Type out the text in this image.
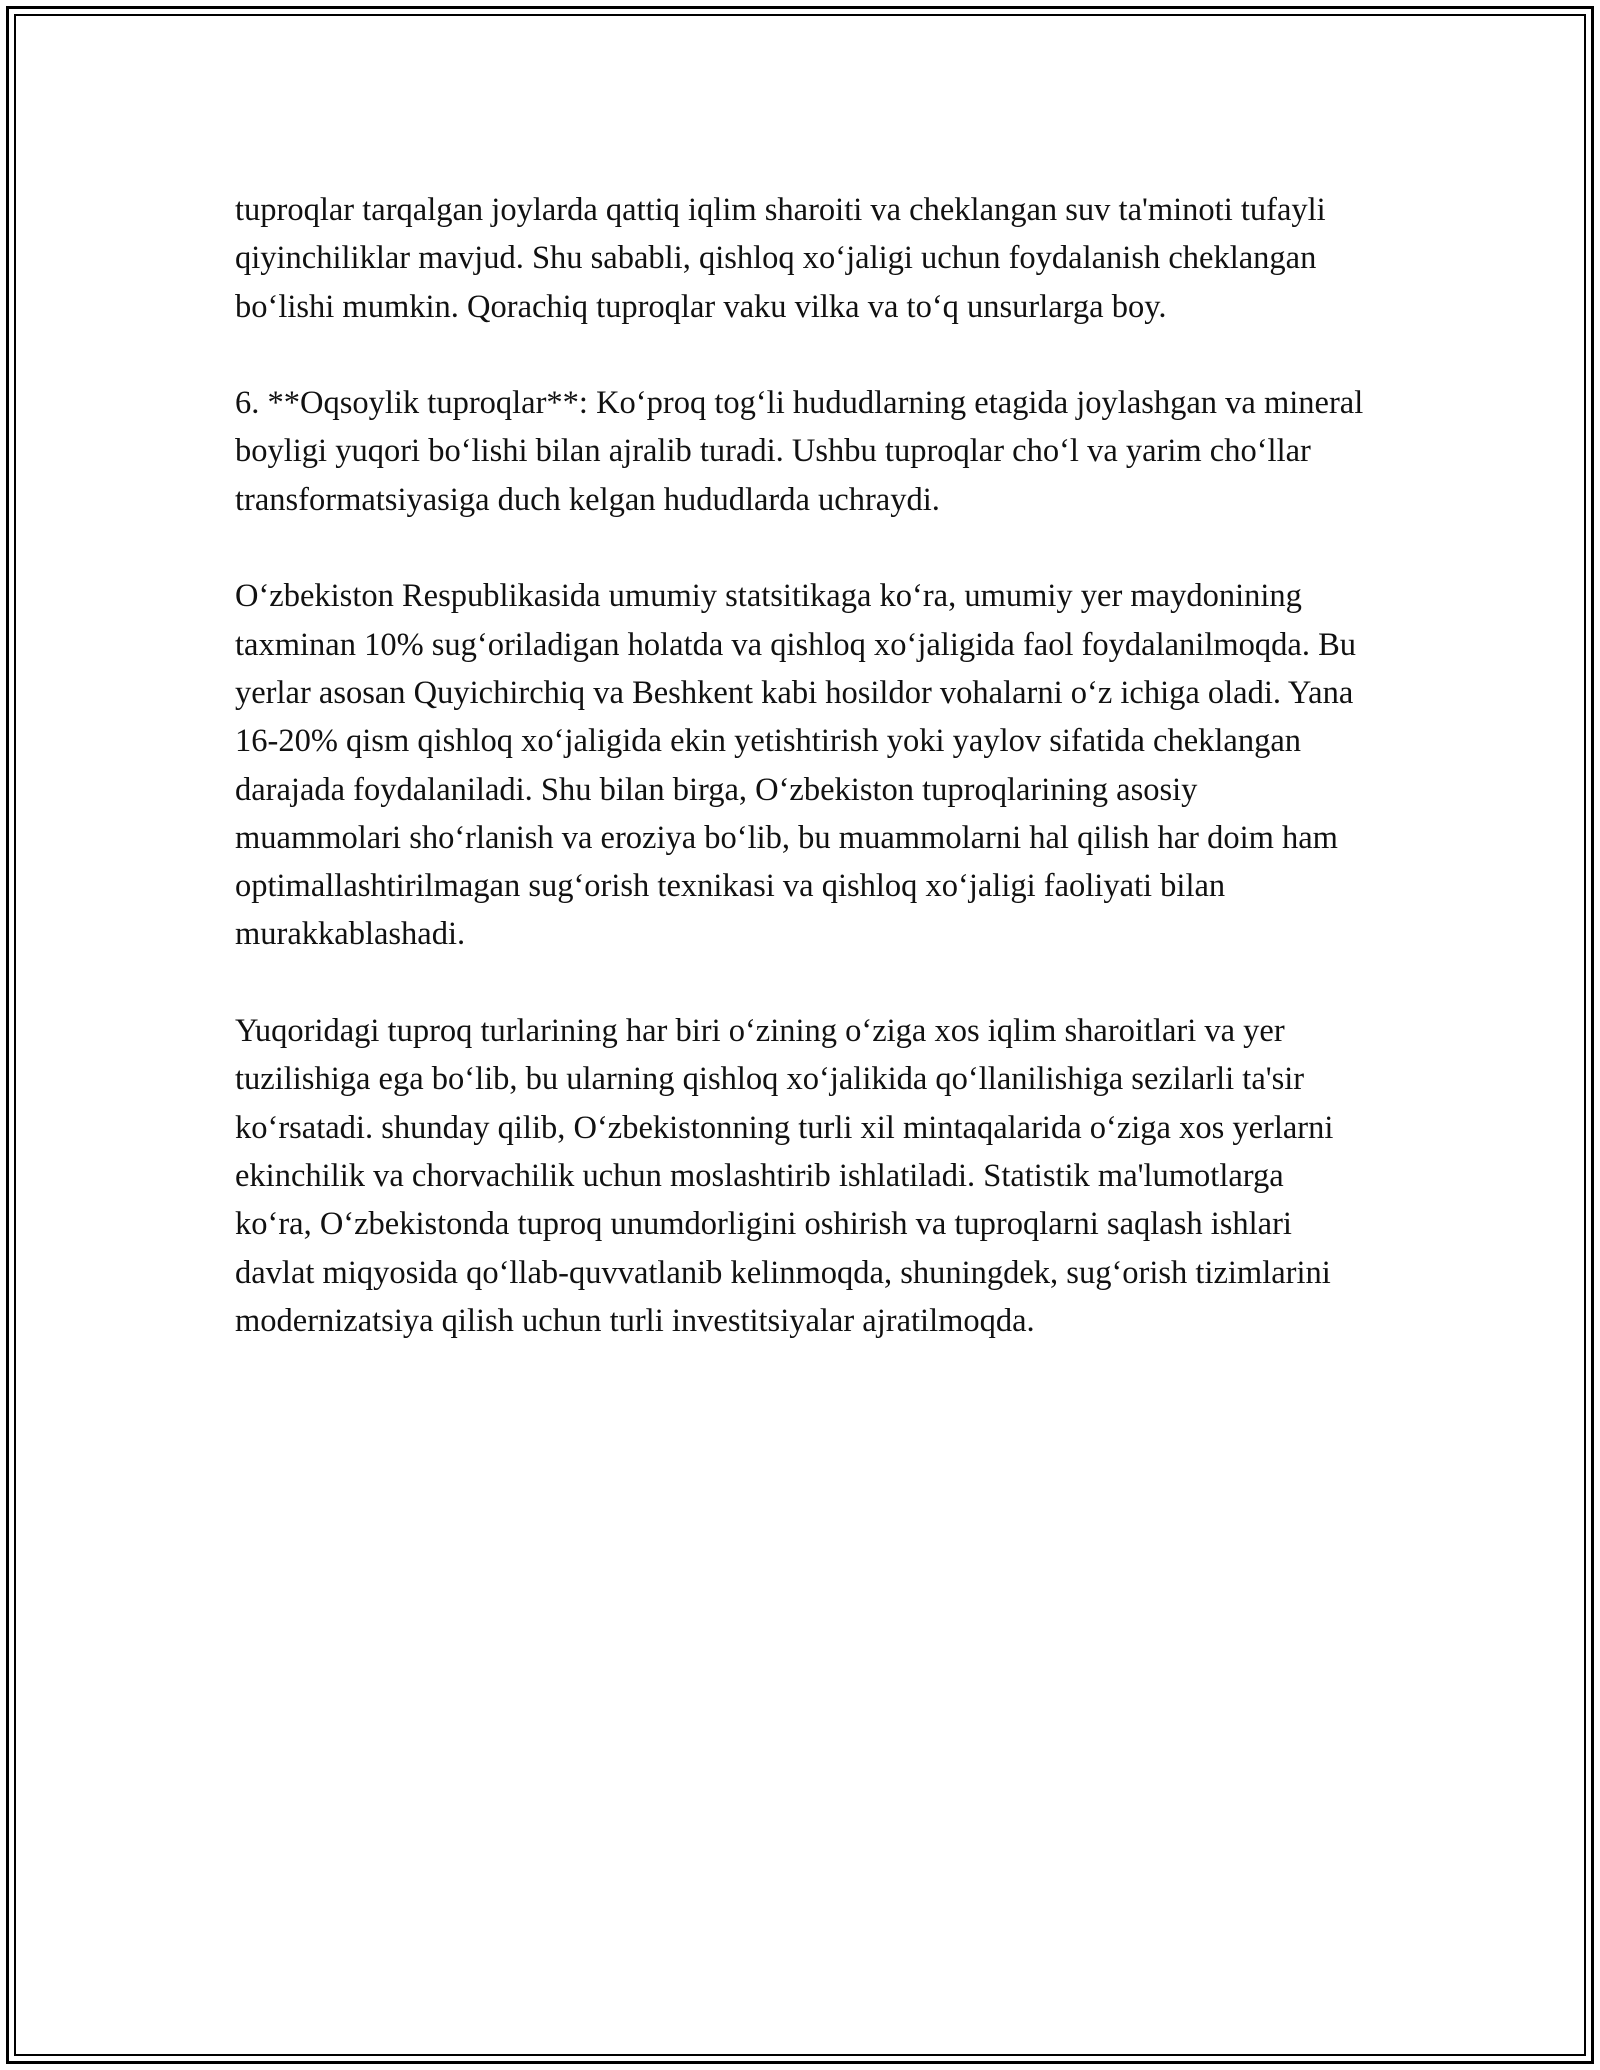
tuproqlar tarqalgan joylarda qattiq iqlim sharoiti va cheklangan suv ta'minoti tufayli qiyinchiliklar mavjud. Shu sababli, qishloq xo‘jaligi uchun foydalanish cheklangan bo‘lishi mumkin. Qorachiq tuproqlar vaku vilka va to‘q unsurlarga boy.

6. **Oqsoylik tuproqlar**: Ko‘proq tog‘li hududlarning etagida joylashgan va mineral boyligi yuqori bo‘lishi bilan ajralib turadi. Ushbu tuproqlar cho‘l va yarim cho‘llar transformatsiyasiga duch kelgan hududlarda uchraydi.

O‘zbekiston Respublikasida umumiy statsitikaga ko‘ra, umumiy yer maydonining taxminan 10% sug‘oriladigan holatda va qishloq xo‘jaligida faol foydalanilmoqda. Bu yerlar asosan Quyichirchiq va Beshkent kabi hosildor vohalarni o‘z ichiga oladi. Yana 16-20% qism qishloq xo‘jaligida ekin yetishtirish yoki yaylov sifatida cheklangan darajada foydalaniladi. Shu bilan birga, O‘zbekiston tuproqlarining asosiy muammolari sho‘rlanish va eroziya bo‘lib, bu muammolarni hal qilish har doim ham optimallashtirilmagan sug‘orish texnikasi va qishloq xo‘jaligi faoliyati bilan murakkablashadi.

Yuqoridagi tuproq turlarining har biri o‘zining o‘ziga xos iqlim sharoitlari va yer tuzilishiga ega bo‘lib, bu ularning qishloq xo‘jalikida qo‘llanilishiga sezilarli ta'sir ko‘rsatadi. shunday qilib, O‘zbekistonning turli xil mintaqalarida o‘ziga xos yerlarni ekinchilik va chorvachilik uchun moslashtirib ishlatiladi. Statistik ma'lumotlarga ko‘ra, O‘zbekistonda tuproq unumdorligini oshirish va tuproqlarni saqlash ishlari davlat miqyosida qo‘llab-quvvatlanib kelinmoqda, shuningdek, sug‘orish tizimlarini modernizatsiya qilish uchun turli investitsiyalar ajratilmoqda.
